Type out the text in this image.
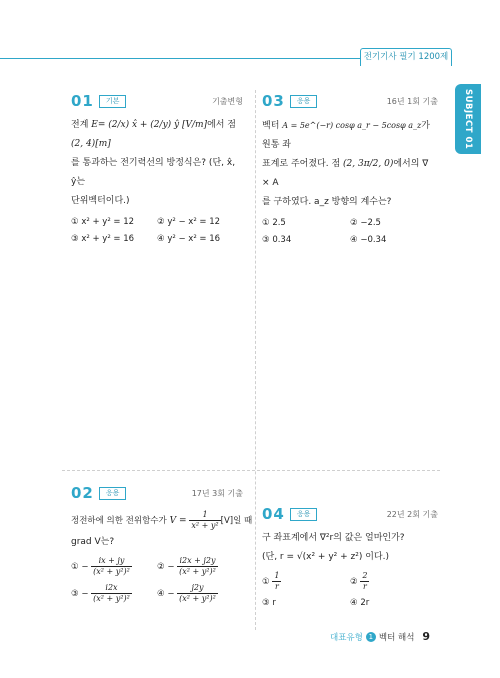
전기기사 필기 1200제
SUBJECT 01 전기자기학
01	기본	기출변형
전계 E= (2/x) x̂ + (2/y) ŷ [V/m]에서 점 (2, 4)[m]
를 통과하는 전기력선의 방정식은? (단, x̂, ŷ는
단위벡터이다.)
① x² + y² = 12	② y² − x² = 12
③ x² + y² = 16	④ y² − x² = 16
03	응용	16년 1회 기출
벡터 A = 5e^(−r) cosφ a_r − 5cosφ a_z가 원통 좌
표계로 주어졌다. 점 (2, 3π/2, 0)에서의 ∇ × A
를 구하였다. a_z 방향의 계수는?
① 2.5	② −2.5
③ 0.34	④ −0.34
02	응용	17년 3회 기출
정전하에 의한 전위함수가 $V = \frac{1}{\text{x² + y²}} [V]$일 때
grad V는?
① − $\frac{ix + jy}{\text{(x² + y²)²}}$	② − $\frac{i2x + j2y}{\text{(x² + y²)²}}$
③ − $\frac{i2x}{\text{(x² + y²)²}}$	④ − $\frac{j2y}{\text{(x² + y²)²}}$
04	응용	22년 2회 기출
구 좌표계에서 ∇²r의 값은 얼마인가?
(단, r = √(x² + y² + z²) 이다.)
① $\frac{1}{r}$	② $\frac{2}{r}$
③ r	④ 2r
대표유형 1 벡터 해석 9
